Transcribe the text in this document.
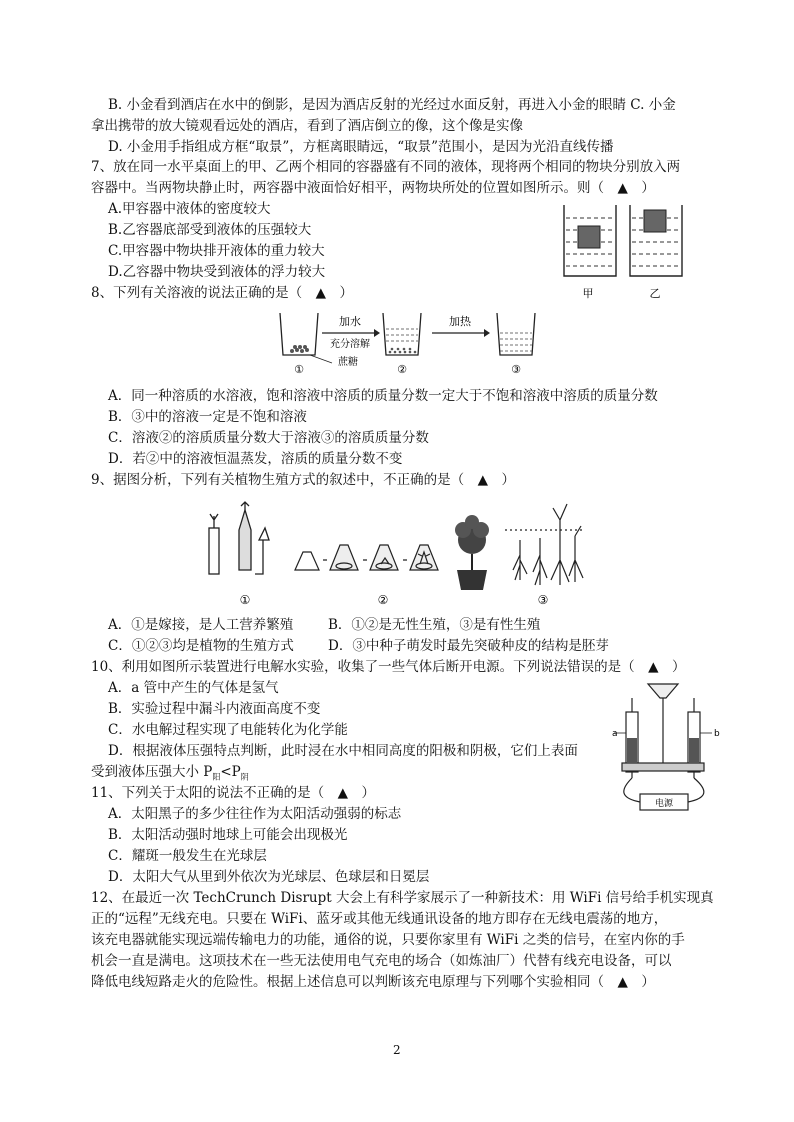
B. 小金看到酒店在水中的倒影，是因为酒店反射的光经过水面反射，再进入小金的眼睛 C. 小金
拿出携带的放大镜观看远处的酒店，看到了酒店倒立的像，这个像是实像
D. 小金用手指组成方框“取景”，方框离眼睛远，“取景”范围小，是因为光沿直线传播
7、放在同一水平桌面上的甲、乙两个相同的容器盛有不同的液体，现将两个相同的物块分别放入两
容器中。当两物块静止时，两容器中液面恰好相平，两物块所处的位置如图所示。则（　▲　）
A.甲容器中液体的密度较大
B.乙容器底部受到液体的压强较大
C.甲容器中物块排开液体的重力较大
D.乙容器中物块受到液体的浮力较大
8、下列有关溶液的说法正确的是（　▲　）
A．同一种溶质的水溶液，饱和溶液中溶质的质量分数一定大于不饱和溶液中溶质的质量分数
B．③中的溶液一定是不饱和溶液
C．溶液②的溶质质量分数大于溶液③的溶质质量分数
D．若②中的溶液恒温蒸发，溶质的质量分数不变
9、据图分析，下列有关植物生殖方式的叙述中，不正确的是（　▲　）
A．①是嫁接，是人工营养繁殖	B．①②是无性生殖，③是有性生殖
C．①②③均是植物的生殖方式	D．③中种子萌发时最先突破种皮的结构是胚芽
10、利用如图所示装置进行电解水实验，收集了一些气体后断开电源。下列说法错误的是（　▲　）
A．a 管中产生的气体是氢气
B．实验过程中漏斗内液面高度不变
C．水电解过程实现了电能转化为化学能
D．根据液体压强特点判断，此时浸在水中相同高度的阳极和阴极，它们上表面
受到液体压强大小 $P_阳<P_阴$
11、下列关于太阳的说法不正确的是（　▲　）
A．太阳黑子的多少往往作为太阳活动强弱的标志
B．太阳活动强时地球上可能会出现极光
C．耀斑一般发生在光球层
D．太阳大气从里到外依次为光球层、色球层和日冕层
12、在最近一次 TechCrunch Disrupt 大会上有科学家展示了一种新技术：用 WiFi 信号给手机实现真
正的“远程”无线充电。只要在 WiFi、蓝牙或其他无线通讯设备的地方即存在无线电震荡的地方，
该充电器就能实现远端传输电力的功能，通俗的说，只要你家里有 WiFi 之类的信号，在室内你的手
机会一直是满电。这项技术在一些无法使用电气充电的场合（如炼油厂）代替有线充电设备，可以
降低电线短路走火的危险性。根据上述信息可以判断该充电原理与下列哪个实验相同（　▲　）
2
甲	乙
加水
充分溶解
加热
蔗糖
①	②	③
①	②	③
a	b
电源
